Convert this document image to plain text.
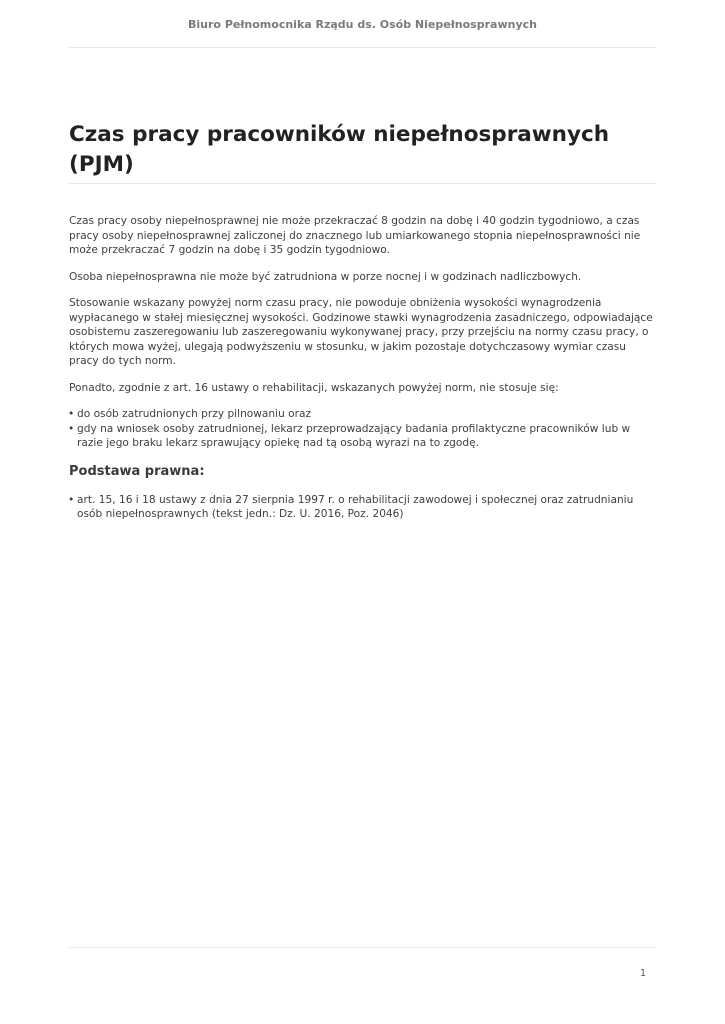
Biuro Pełnomocnika Rządu ds. Osób Niepełnosprawnych
Czas pracy pracowników niepełnosprawnych (PJM)

Czas pracy osoby niepełnosprawnej nie może przekraczać 8 godzin na dobę i 40 godzin tygodniowo, a czas pracy osoby niepełnosprawnej zaliczonej do znacznego lub umiarkowanego stopnia niepełnosprawności nie może przekraczać 7 godzin na dobę i 35 godzin tygodniowo.

Osoba niepełnosprawna nie może być zatrudniona w porze nocnej i w godzinach nadliczbowych.

Stosowanie wskazany powyżej norm czasu pracy, nie powoduje obniżenia wysokości wynagrodzenia wypłacanego w stałej miesięcznej wysokości. Godzinowe stawki wynagrodzenia zasadniczego, odpowiadające osobistemu zaszeregowaniu lub zaszeregowaniu wykonywanej pracy, przy przejściu na normy czasu pracy, o których mowa wyżej, ulegają podwyższeniu w stosunku, w jakim pozostaje dotychczasowy wymiar czasu pracy do tych norm.

Ponadto, zgodnie z art. 16 ustawy o rehabilitacji, wskazanych powyżej norm, nie stosuje się:

• do osób zatrudnionych przy pilnowaniu oraz
• gdy na wniosek osoby zatrudnionej, lekarz przeprowadzający badania profilaktyczne pracowników lub w razie jego braku lekarz sprawujący opiekę nad tą osobą wyrazi na to zgodę.
Podstawa prawna:
• art. 15, 16 i 18 ustawy z dnia 27 sierpnia 1997 r. o rehabilitacji zawodowej i społecznej oraz zatrudnianiu osób niepełnosprawnych (tekst jedn.: Dz. U. 2016, Poz. 2046)
1
